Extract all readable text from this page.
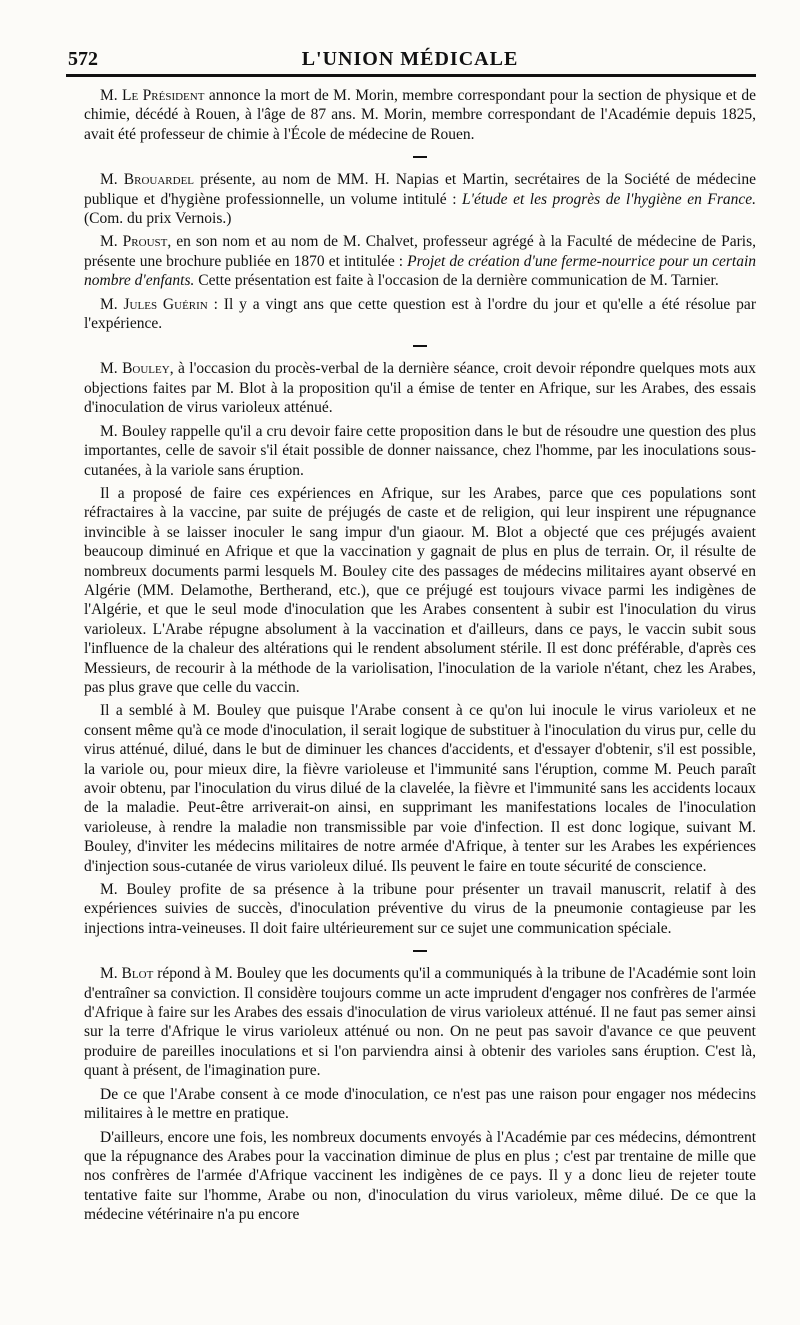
572	L'UNION MÉDICALE

M. Le Président annonce la mort de M. Morin, membre correspondant pour la section de physique et de chimie, décédé à Rouen, à l'âge de 87 ans. M. Morin, membre correspondant de l'Académie depuis 1825, avait été professeur de chimie à l'École de médecine de Rouen.

M. Brouardel présente, au nom de MM. H. Napias et Martin, secrétaires de la Société de médecine publique et d'hygiène professionnelle, un volume intitulé : L'étude et les progrès de l'hygiène en France. (Com. du prix Vernois.)

M. Proust, en son nom et au nom de M. Chalvet, professeur agrégé à la Faculté de médecine de Paris, présente une brochure publiée en 1870 et intitulée : Projet de création d'une ferme-nourrice pour un certain nombre d'enfants. Cette présentation est faite à l'occasion de la dernière communication de M. Tarnier.

M. Jules Guérin : Il y a vingt ans que cette question est à l'ordre du jour et qu'elle a été résolue par l'expérience.

M. Bouley, à l'occasion du procès-verbal de la dernière séance, croit devoir répondre quelques mots aux objections faites par M. Blot à la proposition qu'il a émise de tenter en Afrique, sur les Arabes, des essais d'inoculation de virus varioleux atténué.

M. Bouley rappelle qu'il a cru devoir faire cette proposition dans le but de résoudre une question des plus importantes, celle de savoir s'il était possible de donner naissance, chez l'homme, par les inoculations sous-cutanées, à la variole sans éruption.

Il a proposé de faire ces expériences en Afrique, sur les Arabes, parce que ces populations sont réfractaires à la vaccine, par suite de préjugés de caste et de religion, qui leur inspirent une répugnance invincible à se laisser inoculer le sang impur d'un giaour. M. Blot a objecté que ces préjugés avaient beaucoup diminué en Afrique et que la vaccination y gagnait de plus en plus de terrain. Or, il résulte de nombreux documents parmi lesquels M. Bouley cite des passages de médecins militaires ayant observé en Algérie (MM. Delamothe, Bertherand, etc.), que ce préjugé est toujours vivace parmi les indigènes de l'Algérie, et que le seul mode d'inoculation que les Arabes consentent à subir est l'inoculation du virus varioleux. L'Arabe répugne absolument à la vaccination et d'ailleurs, dans ce pays, le vaccin subit sous l'influence de la chaleur des altérations qui le rendent absolument stérile. Il est donc préférable, d'après ces Messieurs, de recourir à la méthode de la variolisation, l'inoculation de la variole n'étant, chez les Arabes, pas plus grave que celle du vaccin.

Il a semblé à M. Bouley que puisque l'Arabe consent à ce qu'on lui inocule le virus varioleux et ne consent même qu'à ce mode d'inoculation, il serait logique de substituer à l'inoculation du virus pur, celle du virus atténué, dilué, dans le but de diminuer les chances d'accidents, et d'essayer d'obtenir, s'il est possible, la variole ou, pour mieux dire, la fièvre varioleuse et l'immunité sans l'éruption, comme M. Peuch paraît avoir obtenu, par l'inoculation du virus dilué de la clavelée, la fièvre et l'immunité sans les accidents locaux de la maladie. Peut-être arriverait-on ainsi, en supprimant les manifestations locales de l'inoculation varioleuse, à rendre la maladie non transmissible par voie d'infection. Il est donc logique, suivant M. Bouley, d'inviter les médecins militaires de notre armée d'Afrique, à tenter sur les Arabes les expériences d'injection sous-cutanée de virus varioleux dilué. Ils peuvent le faire en toute sécurité de conscience.

M. Bouley profite de sa présence à la tribune pour présenter un travail manuscrit, relatif à des expériences suivies de succès, d'inoculation préventive du virus de la pneumonie contagieuse par les injections intra-veineuses. Il doit faire ultérieurement sur ce sujet une communication spéciale.

M. Blot répond à M. Bouley que les documents qu'il a communiqués à la tribune de l'Académie sont loin d'entraîner sa conviction. Il considère toujours comme un acte imprudent d'engager nos confrères de l'armée d'Afrique à faire sur les Arabes des essais d'inoculation de virus varioleux atténué. Il ne faut pas semer ainsi sur la terre d'Afrique le virus varioleux atténué ou non. On ne peut pas savoir d'avance ce que peuvent produire de pareilles inoculations et si l'on parviendra ainsi à obtenir des varioles sans éruption. C'est là, quant à présent, de l'imagination pure.

De ce que l'Arabe consent à ce mode d'inoculation, ce n'est pas une raison pour engager nos médecins militaires à le mettre en pratique.

D'ailleurs, encore une fois, les nombreux documents envoyés à l'Académie par ces médecins, démontrent que la répugnance des Arabes pour la vaccination diminue de plus en plus ; c'est par trentaine de mille que nos confrères de l'armée d'Afrique vaccinent les indigènes de ce pays. Il y a donc lieu de rejeter toute tentative faite sur l'homme, Arabe ou non, d'inoculation du virus varioleux, même dilué. De ce que la médecine vétérinaire n'a pu encore
